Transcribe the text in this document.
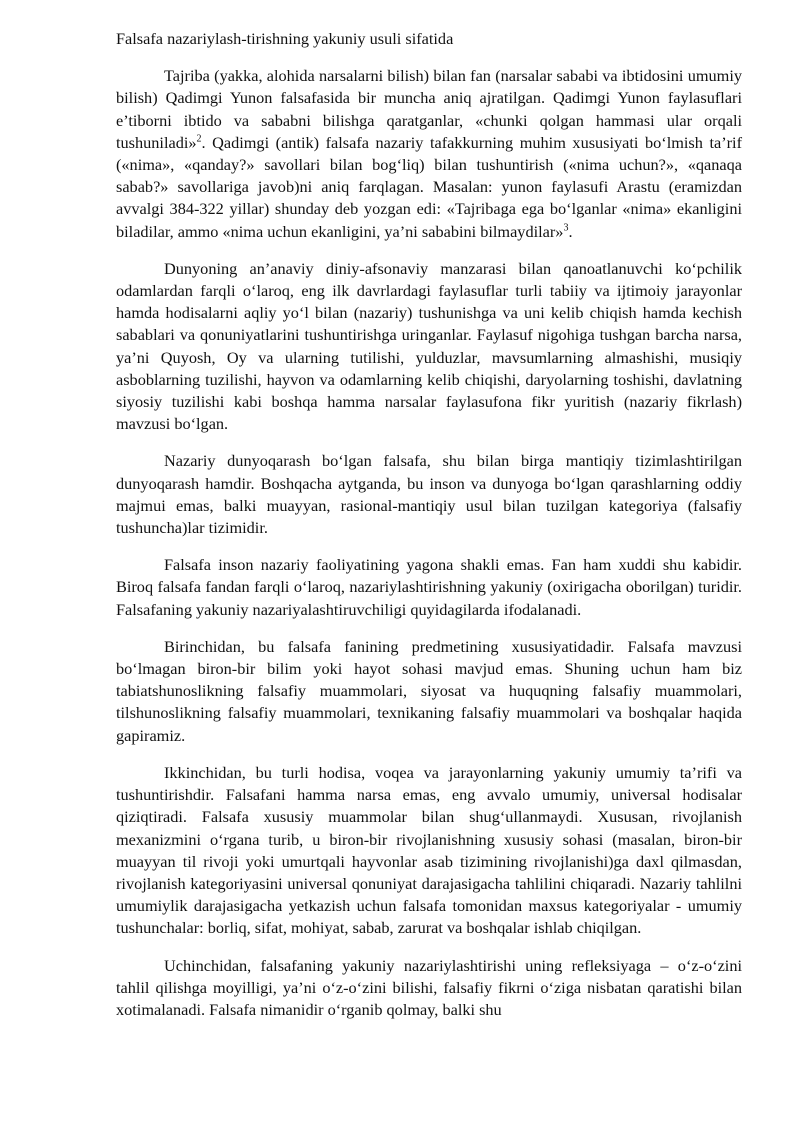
Falsafa nazariylash-tirishning yakuniy usuli sifatida

Tajriba (yakka, alohida narsalarni bilish) bilan fan (narsalar sababi va ibtidosini umumiy bilish) Qadimgi Yunon falsafasida bir muncha aniq ajratilgan. Qadimgi Yunon faylasuflari e’tiborni ibtido va sababni bilishga qaratganlar, «chunki qolgan hammasi ular orqali tushuniladi»$^2$. Qadimgi (antik) falsafa nazariy tafakkurning muhim xususiyati bo‘lmish ta’rif («nima», «qanday?» savollari bilan bog‘liq) bilan tushuntirish («nima uchun?», «qanaqa sabab?» savollariga javob)ni aniq farqlagan. Masalan: yunon faylasufi Arastu (eramizdan avvalgi 384-322 yillar) shunday deb yozgan edi: «Tajribaga ega bo‘lganlar «nima» ekanligini biladilar, ammo «nima uchun ekanligini, ya’ni sababini bilmaydilar»$^3$.

Dunyoning an’anaviy diniy-afsonaviy manzarasi bilan qanoatlanuvchi ko‘pchilik odamlardan farqli o‘laroq, eng ilk davrlardagi faylasuflar turli tabiiy va ijtimoiy jarayonlar hamda hodisalarni aqliy yo‘l bilan (nazariy) tushunishga va uni kelib chiqish hamda kechish sabablari va qonuniyatlarini tushuntirishga uringanlar. Faylasuf nigohiga tushgan barcha narsa, ya’ni Quyosh, Oy va ularning tutilishi, yulduzlar, mavsumlarning almashishi, musiqiy asboblarning tuzilishi, hayvon va odamlarning kelib chiqishi, daryolarning toshishi, davlatning siyosiy tuzilishi kabi boshqa hamma narsalar faylasufona fikr yuritish (nazariy fikrlash) mavzusi bo‘lgan.

Nazariy dunyoqarash bo‘lgan falsafa, shu bilan birga mantiqiy tizimlashtirilgan dunyoqarash hamdir. Boshqacha aytganda, bu inson va dunyoga bo‘lgan qarashlarning oddiy majmui emas, balki muayyan, rasional-mantiqiy usul bilan tuzilgan kategoriya (falsafiy tushuncha)lar tizimidir.

Falsafa inson nazariy faoliyatining yagona shakli emas. Fan ham xuddi shu kabidir. Biroq falsafa fandan farqli o‘laroq, nazariylashtirishning yakuniy (oxirigacha oborilgan) turidir. Falsafaning yakuniy nazariyalashtiruvchiligi quyidagilarda ifodalanadi.

Birinchidan, bu falsafa fanining predmetining xususiyatidadir. Falsafa mavzusi bo‘lmagan biron-bir bilim yoki hayot sohasi mavjud emas. Shuning uchun ham biz tabiatshunoslikning falsafiy muammolari, siyosat va huquqning falsafiy muammolari, tilshunoslikning falsafiy muammolari, texnikaning falsafiy muammolari va boshqalar haqida gapiramiz.

Ikkinchidan, bu turli hodisa, voqea va jarayonlarning yakuniy umumiy ta’rifi va tushuntirishdir. Falsafani hamma narsa emas, eng avvalo umumiy, universal hodisalar qiziqtiradi. Falsafa xususiy muammolar bilan shug‘ullanmaydi. Xususan, rivojlanish mexanizmini o‘rgana turib, u biron-bir rivojlanishning xususiy sohasi (masalan, biron-bir muayyan til rivoji yoki umurtqali hayvonlar asab tizimining rivojlanishi)ga daxl qilmasdan, rivojlanish kategoriyasini universal qonuniyat darajasigacha tahlilini chiqaradi. Nazariy tahlilni umumiylik darajasigacha yetkazish uchun falsafa tomonidan maxsus kategoriyalar - umumiy tushunchalar: borliq, sifat, mohiyat, sabab, zarurat va boshqalar ishlab chiqilgan.

Uchinchidan, falsafaning yakuniy nazariylashtirishi uning refleksiyaga – o‘z-o‘zini tahlil qilishga moyilligi, ya’ni o‘z-o‘zini bilishi, falsafiy fikrni o‘ziga nisbatan qaratishi bilan xotimalanadi. Falsafa nimanidir o‘rganib qolmay, balki shu
